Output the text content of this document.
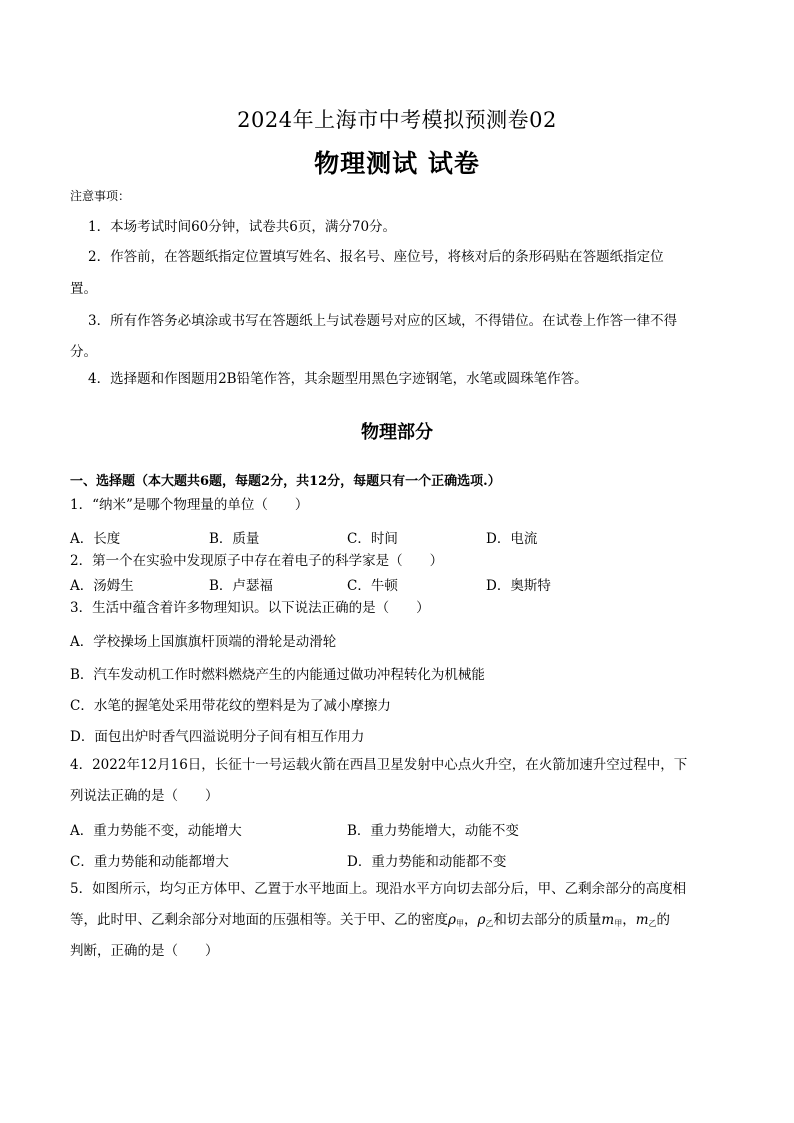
2024年上海市中考模拟预测卷02
物理测试 试卷
注意事项：
1．本场考试时间60分钟，试卷共6页，满分70分。
2．作答前，在答题纸指定位置填写姓名、报名号、座位号，将核对后的条形码贴在答题纸指定位
置。
3．所有作答务必填涂或书写在答题纸上与试卷题号对应的区域，不得错位。在试卷上作答一律不得
分。
4．选择题和作图题用2B铅笔作答，其余题型用黑色字迹钢笔，水笔或圆珠笔作答。
物理部分
一、选择题（本大题共6题，每题2分，共12分，每题只有一个正确选项.）
1．“纳米”是哪个物理量的单位（　　）
A．长度	B．质量	C．时间	D．电流
2．第一个在实验中发现原子中存在着电子的科学家是（　　）
A．汤姆生	B．卢瑟福	C．牛顿	D．奥斯特
3．生活中蕴含着许多物理知识。以下说法正确的是（　　）
A．学校操场上国旗旗杆顶端的滑轮是动滑轮
B．汽车发动机工作时燃料燃烧产生的内能通过做功冲程转化为机械能
C．水笔的握笔处采用带花纹的塑料是为了减小摩擦力
D．面包出炉时香气四溢说明分子间有相互作用力
4．2022年12月16日，长征十一号运载火箭在西昌卫星发射中心点火升空，在火箭加速升空过程中，下
列说法正确的是（　　）
A．重力势能不变，动能增大	B．重力势能增大，动能不变
C．重力势能和动能都增大	D．重力势能和动能都不变
5．如图所示，均匀正方体甲、乙置于水平地面上。现沿水平方向切去部分后，甲、乙剩余部分的高度相
等，此时甲、乙剩余部分对地面的压强相等。关于甲、乙的密度$\rho_甲$，$\rho_乙$和切去部分的质量$m_甲$，$m_乙$的
判断，正确的是（　　）
